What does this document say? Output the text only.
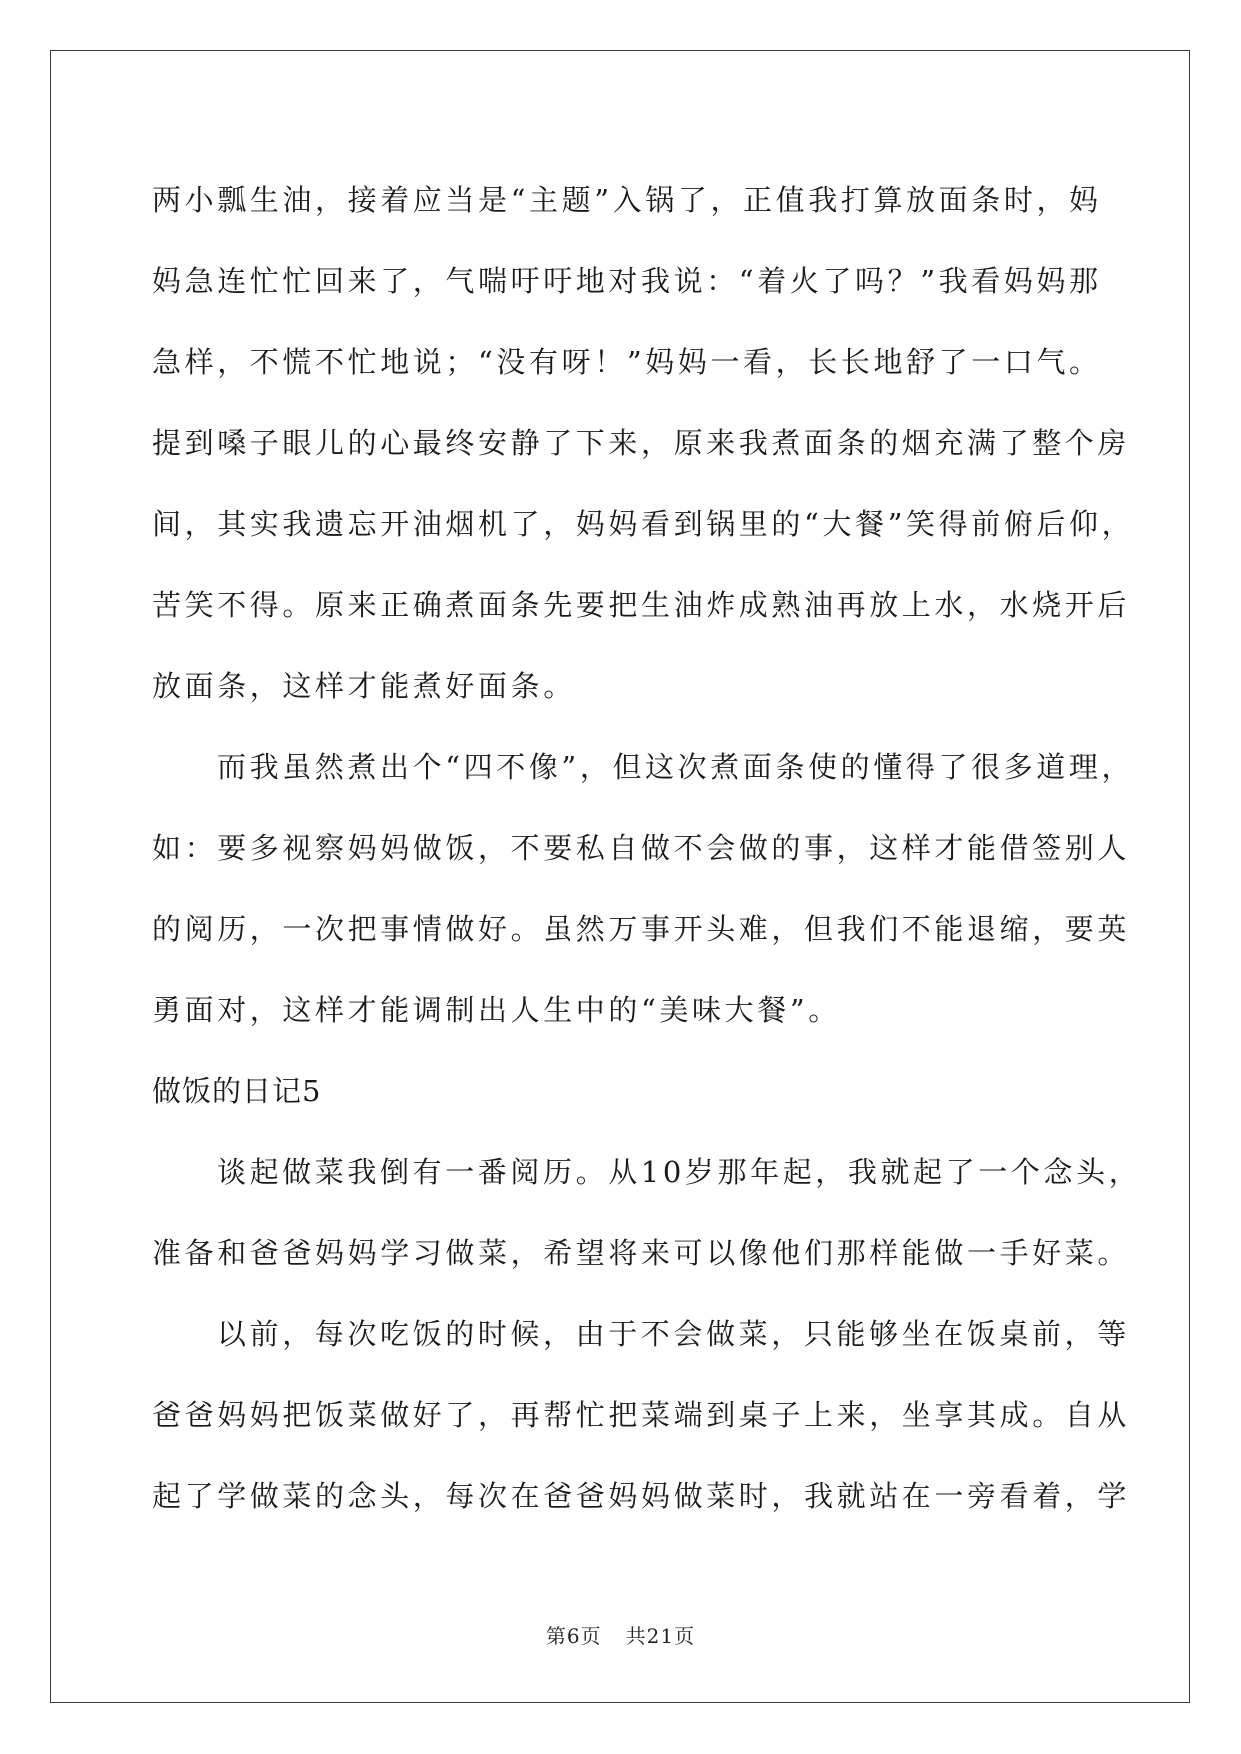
两小瓢生油，接着应当是“主题”入锅了，正值我打算放面条时，妈
妈急连忙忙回来了，气喘吁吁地对我说：“着火了吗？”我看妈妈那
急样，不慌不忙地说；“没有呀！”妈妈一看，长长地舒了一口气。
提到嗓子眼儿的心最终安静了下来，原来我煮面条的烟充满了整个房
间，其实我遗忘开油烟机了，妈妈看到锅里的“大餐”笑得前俯后仰，
苦笑不得。原来正确煮面条先要把生油炸成熟油再放上水，水烧开后
放面条，这样才能煮好面条。
而我虽然煮出个“四不像”，但这次煮面条使的懂得了很多道理，
如：要多视察妈妈做饭，不要私自做不会做的事，这样才能借签别人
的阅历，一次把事情做好。虽然万事开头难，但我们不能退缩，要英
勇面对，这样才能调制出人生中的“美味大餐”。
做饭的日记5
谈起做菜我倒有一番阅历。从10岁那年起，我就起了一个念头，
准备和爸爸妈妈学习做菜，希望将来可以像他们那样能做一手好菜。
以前，每次吃饭的时候，由于不会做菜，只能够坐在饭桌前，等
爸爸妈妈把饭菜做好了，再帮忙把菜端到桌子上来，坐享其成。自从
起了学做菜的念头，每次在爸爸妈妈做菜时，我就站在一旁看着，学
第6页 共21页
